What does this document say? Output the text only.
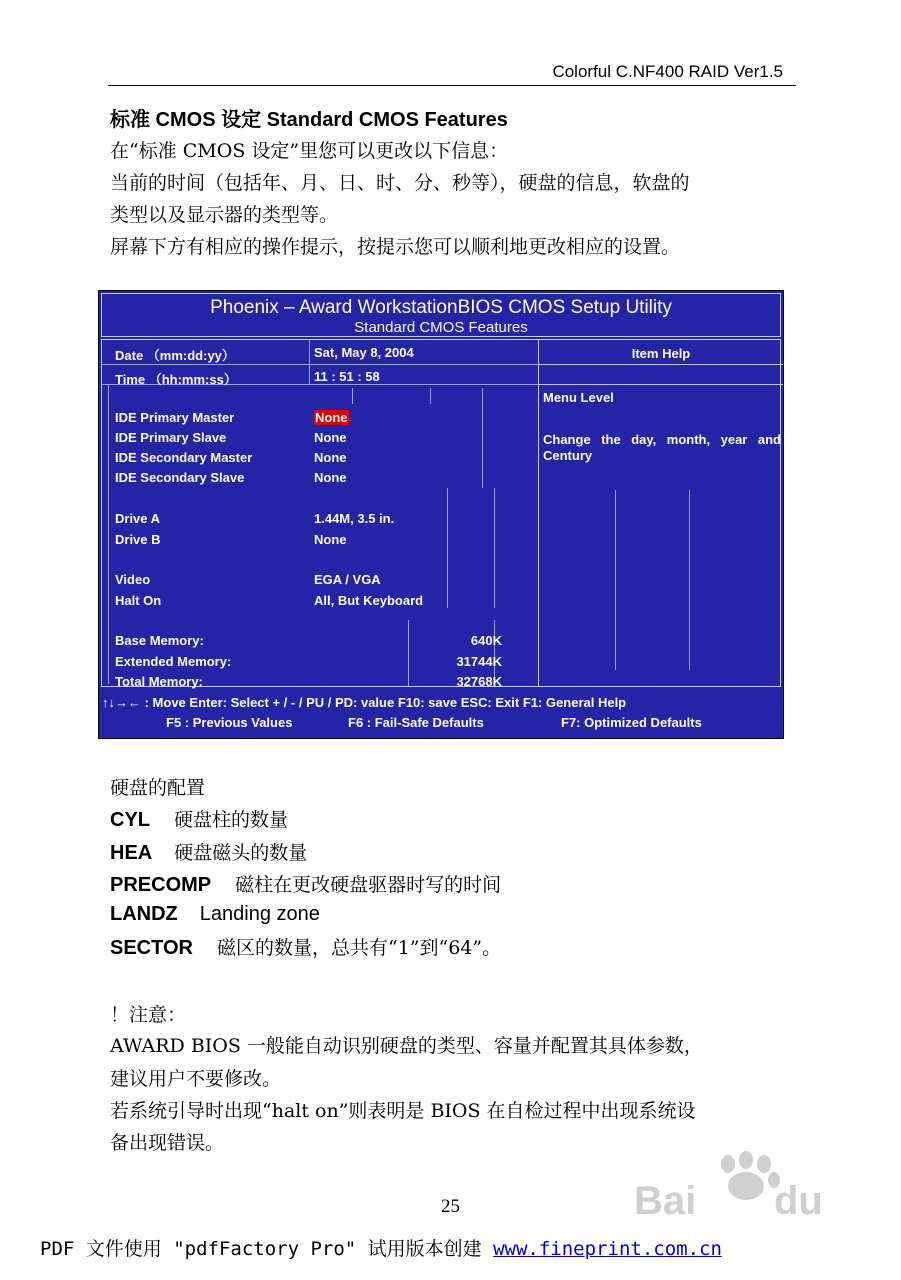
Colorful C.NF400 RAID Ver1.5
标准 CMOS 设定 Standard CMOS Features
在“标准 CMOS 设定”里您可以更改以下信息：
当前的时间（包括年、月、日、时、分、秒等），硬盘的信息，软盘的
类型以及显示器的类型等。
屏幕下方有相应的操作提示，按提示您可以顺利地更改相应的设置。
Phoenix – Award WorkstationBIOS CMOS Setup Utility
Standard CMOS Features
Date （mm:dd:yy）	Sat, May 8, 2004
Time （hh:mm:ss）	11 : 51 : 58
IDE Primary Master	None
IDE Primary Slave	None
IDE Secondary Master	None
IDE Secondary Slave	None
Drive A	1.44M, 3.5 in.
Drive B	None
Video	EGA / VGA
Halt On	All, But Keyboard
Base Memory:	640K
Extended Memory:	31744K
Total Memory:	32768K
Item Help
Menu Level
Change the day, month, year and Century
↑↓→← : Move Enter: Select + / - / PU / PD: value F10: save ESC: Exit F1: General Help
F5 : Previous Values	F6 : Fail-Safe Defaults	F7: Optimized Defaults
硬盘的配置
CYL 硬盘柱的数量
HEA 硬盘磁头的数量
PRECOMP 磁柱在更改硬盘驱器时写的时间
LANDZ Landing zone
SECTOR 磁区的数量，总共有“1”到“64”。
！注意：
AWARD BIOS 一般能自动识别硬盘的类型、容量并配置其具体参数，
建议用户不要修改。
若系统引导时出现“halt on”则表明是 BIOS 在自检过程中出现系统设
备出现错误。
Bai du
25
PDF 文件使用 "pdfFactory Pro" 试用版本创建 www.fineprint.com.cn
